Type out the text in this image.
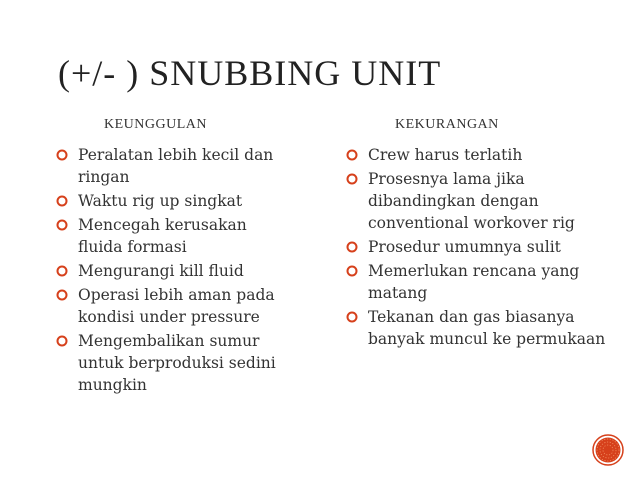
(+/- ) SNUBBING UNIT
KEUNGGULAN	KEKURANGAN
Peralatan lebih kecil dan ringan
Waktu rig up singkat
Mencegah kerusakan fluida formasi
Mengurangi kill fluid
Operasi lebih aman pada kondisi under pressure
Mengembalikan sumur untuk berproduksi sedini mungkin
Crew harus terlatih
Prosesnya lama jika dibandingkan dengan conventional workover rig
Prosedur umumnya sulit
Memerlukan rencana yang matang
Tekanan dan gas biasanya banyak muncul ke permukaan
